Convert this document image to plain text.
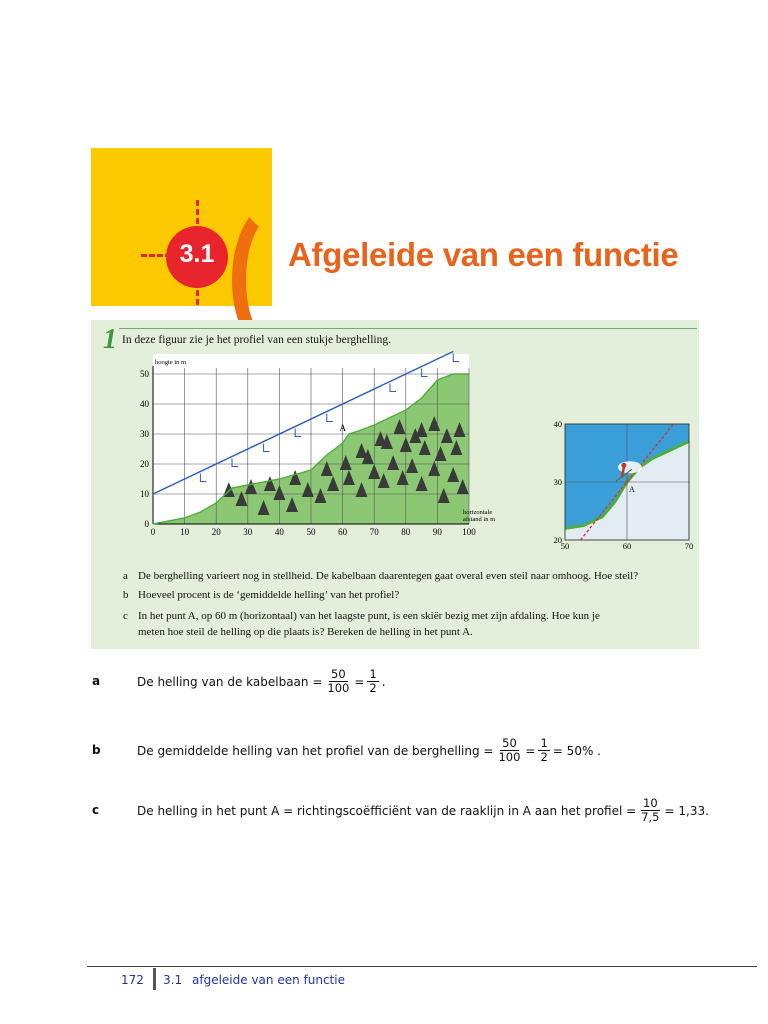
3.1	Afgeleide van een functie
1 In deze figuur zie je het profiel van een stukje berghelling.
A
0	10	20	30	40	50	60	70	80	90 100
0
10
20
30
40
50
hoogte in m
horizontale afstand in m
A
50	60	70
20
30
40
a De berghelling varieert nog in stellheid. De kabelbaan daarentegen gaat overal even steil naar omhoog. Hoe steil?
b Hoeveel procent is de ‘gemiddelde helling’ van het profiel?
c In het punt A, op 60 m (horizontaal) van het laagste punt, is een skiër bezig met zijn afdaling. Hoe kun je
meten hoe steil de helling op die plaats is? Bereken de helling in het punt A.
a	De helling van de kabelbaan = $\frac{50}{100} = \frac{1}{2}$ .
b	De gemiddelde helling van het profiel van de berghelling = $\frac{50}{100} = \frac{1}{2} = 50\%$ .
c	De helling in het punt A = richtingscoëfficiënt van de raaklijn in A aan het profiel = $\frac{10}{7,5} = 1,33$.
172 3.1 afgeleide van een functie
